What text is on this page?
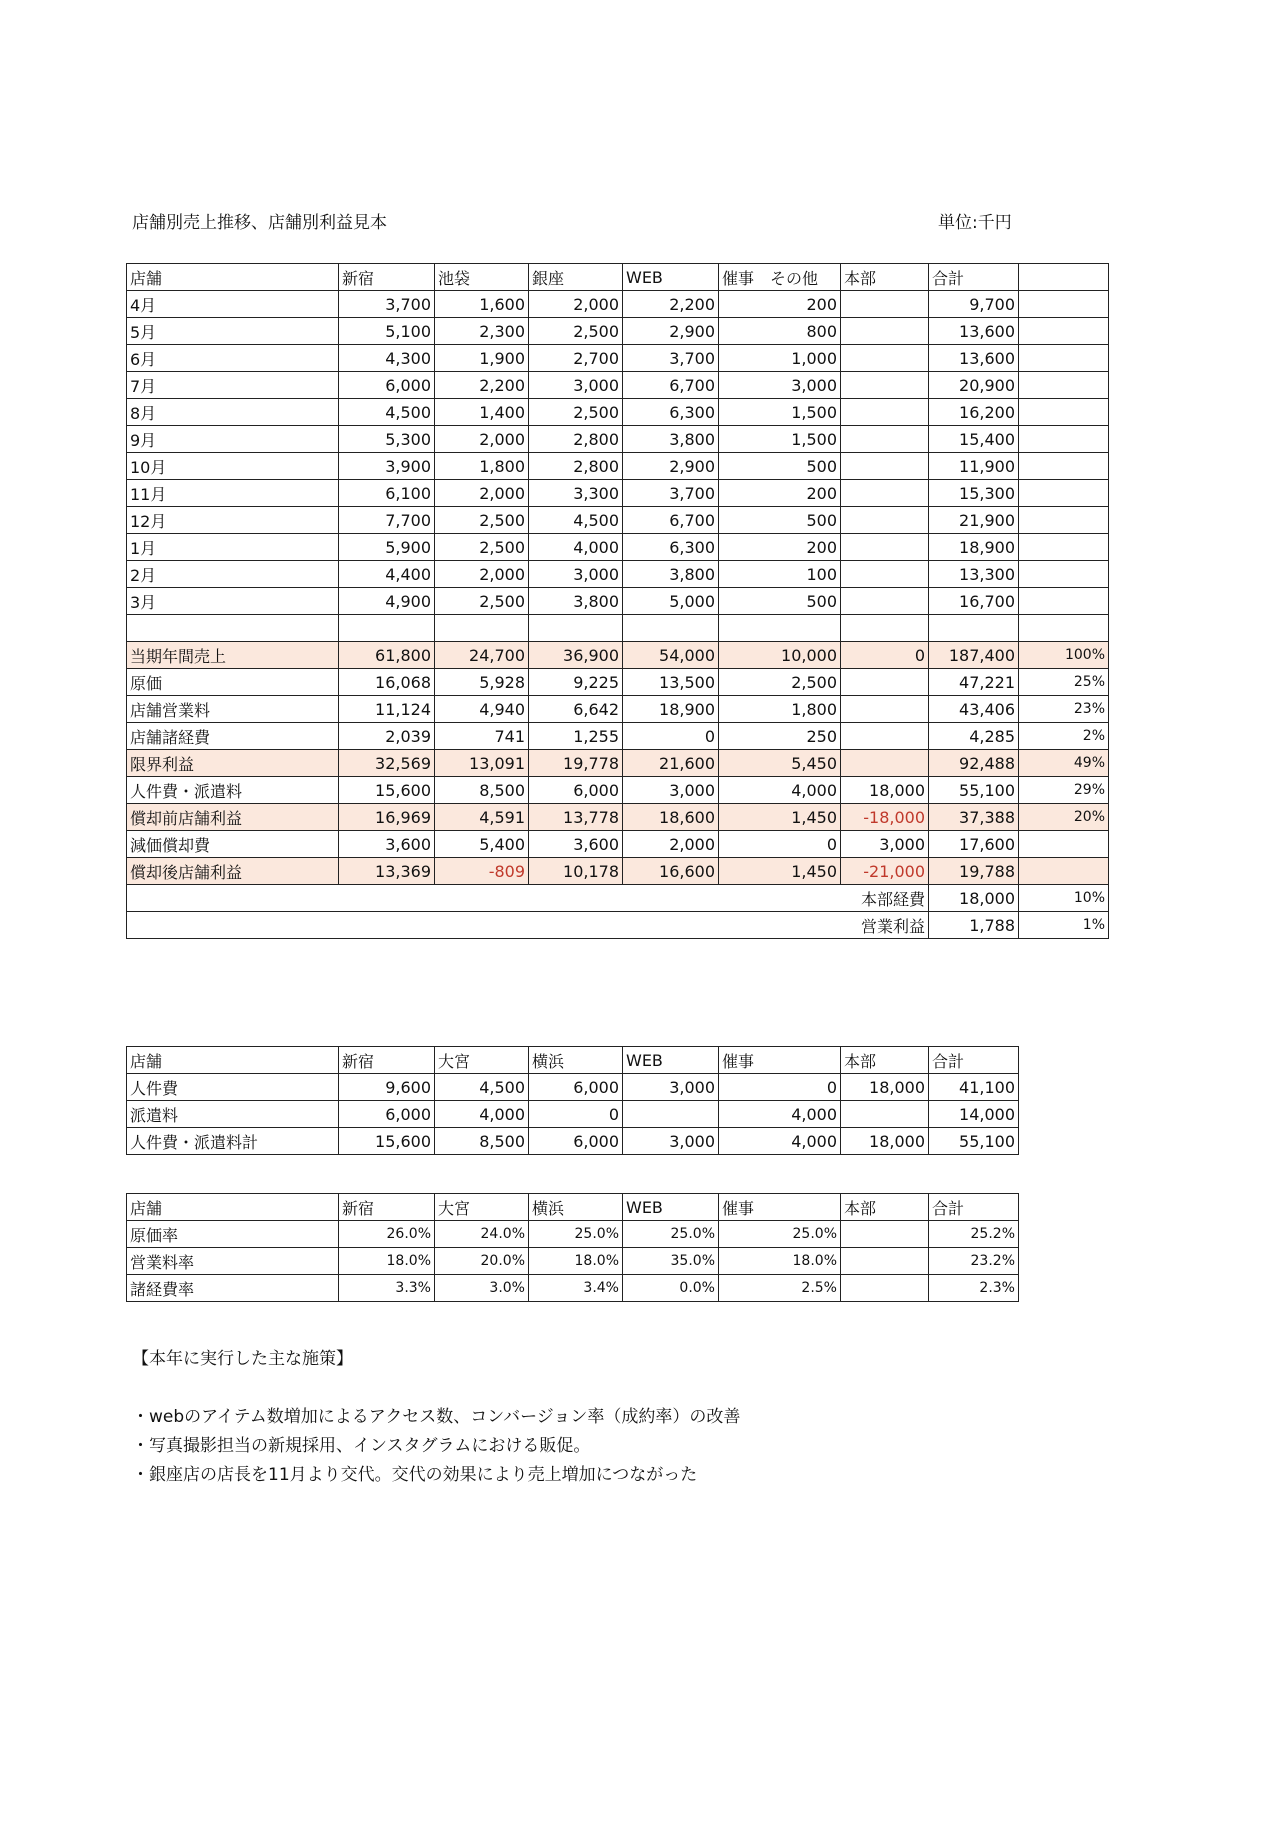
店舗別売上推移、店舗別利益見本	単位:千円
店舗	新宿	池袋	銀座	WEB	催事　その他	本部	合計	
4月	3,700	1,600	2,000	2,200	200		9,700	
5月	5,100	2,300	2,500	2,900	800		13,600	
6月	4,300	1,900	2,700	3,700	1,000		13,600	
7月	6,000	2,200	3,000	6,700	3,000		20,900	
8月	4,500	1,400	2,500	6,300	1,500		16,200	
9月	5,300	2,000	2,800	3,800	1,500		15,400	
10月	3,900	1,800	2,800	2,900	500		11,900	
11月	6,100	2,000	3,300	3,700	200		15,300	
12月	7,700	2,500	4,500	6,700	500		21,900	
1月	5,900	2,500	4,000	6,300	200		18,900	
2月	4,400	2,000	3,000	3,800	100		13,300	
3月	4,900	2,500	3,800	5,000	500		16,700	

当期年間売上	61,800	24,700	36,900	54,000	10,000	0	187,400	100%
原価	16,068	5,928	9,225	13,500	2,500		47,221	25%
店舗営業料	11,124	4,940	6,642	18,900	1,800		43,406	23%
店舗諸経費	2,039	741	1,255	0	250		4,285	2%
限界利益	32,569	13,091	19,778	21,600	5,450		92,488	49%
人件費・派遣料	15,600	8,500	6,000	3,000	4,000	18,000	55,100	29%
償却前店舗利益	16,969	4,591	13,778	18,600	1,450	-18,000	37,388	20%
減価償却費	3,600	5,400	3,600	2,000	0	3,000	17,600	
償却後店舗利益	13,369	-809	10,178	16,600	1,450	-21,000	19,788	
本部経費							18,000	10%
営業利益							1,788	1%
店舗	新宿	大宮	横浜	WEB	催事	本部	合計
人件費	9,600	4,500	6,000	3,000	0	18,000	41,100
派遣料	6,000	4,000	0		4,000		14,000
人件費・派遣料計	15,600	8,500	6,000	3,000	4,000	18,000	55,100
店舗	新宿	大宮	横浜	WEB	催事	本部	合計
原価率	26.0%	24.0%	25.0%	25.0%	25.0%		25.2%
営業料率	18.0%	20.0%	18.0%	35.0%	18.0%		23.2%
諸経費率	3.3%	3.0%	3.4%	0.0%	2.5%		2.3%
【本年に実行した主な施策】
・webのアイテム数増加によるアクセス数、コンバージョン率（成約率）の改善
・写真撮影担当の新規採用、インスタグラムにおける販促。
・銀座店の店長を11月より交代。交代の効果により売上増加につながった
